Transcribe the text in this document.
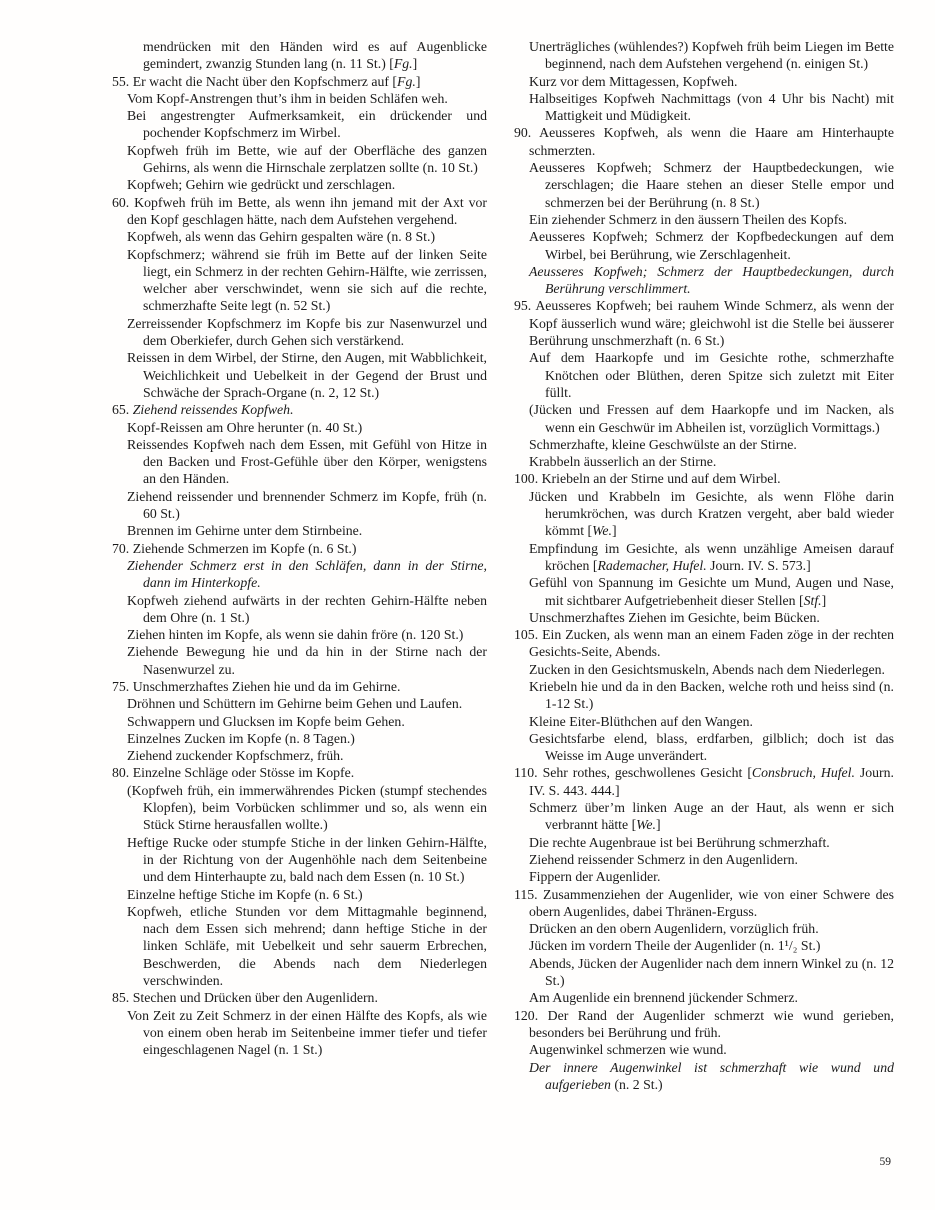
mendrücken mit den Händen wird es auf Augenblicke gemindert, zwanzig Stunden lang (n. 11 St.) [Fg.]

55. Er wacht die Nacht über den Kopfschmerz auf [Fg.]

Vom Kopf-Anstrengen thut’s ihm in beiden Schläfen weh.

Bei angestrengter Aufmerksamkeit, ein drückender und pochender Kopfschmerz im Wirbel.

Kopfweh früh im Bette, wie auf der Oberfläche des ganzen Gehirns, als wenn die Hirnschale zerplatzen sollte (n. 10 St.)

Kopfweh; Gehirn wie gedrückt und zerschlagen.

60. Kopfweh früh im Bette, als wenn ihn jemand mit der Axt vor den Kopf geschlagen hätte, nach dem Aufstehen vergehend.

Kopfweh, als wenn das Gehirn gespalten wäre (n. 8 St.)

Kopfschmerz; während sie früh im Bette auf der linken Seite liegt, ein Schmerz in der rechten Gehirn-Hälfte, wie zerrissen, welcher aber verschwindet, wenn sie sich auf die rechte, schmerzhafte Seite legt (n. 52 St.)

Zerreissender Kopfschmerz im Kopfe bis zur Nasenwurzel und dem Oberkiefer, durch Gehen sich verstärkend.

Reissen in dem Wirbel, der Stirne, den Augen, mit Wabblichkeit, Weichlichkeit und Uebelkeit in der Gegend der Brust und Schwäche der Sprach-Organe (n. 2, 12 St.)

65. Ziehend reissendes Kopfweh.

Kopf-Reissen am Ohre herunter (n. 40 St.)

Reissendes Kopfweh nach dem Essen, mit Gefühl von Hitze in den Backen und Frost-Gefühle über den Körper, wenigstens an den Händen.

Ziehend reissender und brennender Schmerz im Kopfe, früh (n. 60 St.)

Brennen im Gehirne unter dem Stirnbeine.

70. Ziehende Schmerzen im Kopfe (n. 6 St.)

Ziehender Schmerz erst in den Schläfen, dann in der Stirne, dann im Hinterkopfe.

Kopfweh ziehend aufwärts in der rechten Gehirn-Hälfte neben dem Ohre (n. 1 St.)

Ziehen hinten im Kopfe, als wenn sie dahin fröre (n. 120 St.)

Ziehende Bewegung hie und da hin in der Stirne nach der Nasenwurzel zu.

75. Unschmerzhaftes Ziehen hie und da im Gehirne.

Dröhnen und Schüttern im Gehirne beim Gehen und Laufen.

Schwappern und Glucksen im Kopfe beim Gehen.

Einzelnes Zucken im Kopfe (n. 8 Tagen.)

Ziehend zuckender Kopfschmerz, früh.

80. Einzelne Schläge oder Stösse im Kopfe.

(Kopfweh früh, ein immerwährendes Picken (stumpf stechendes Klopfen), beim Vorbücken schlimmer und so, als wenn ein Stück Stirne herausfallen wollte.)

Heftige Rucke oder stumpfe Stiche in der linken Gehirn-Hälfte, in der Richtung von der Augenhöhle nach dem Seitenbeine und dem Hinterhaupte zu, bald nach dem Essen (n. 10 St.)

Einzelne heftige Stiche im Kopfe (n. 6 St.)

Kopfweh, etliche Stunden vor dem Mittagmahle beginnend, nach dem Essen sich mehrend; dann heftige Stiche in der linken Schläfe, mit Uebelkeit und sehr sauerm Erbrechen, Beschwerden, die Abends nach dem Niederlegen verschwinden.

85. Stechen und Drücken über den Augenlidern.

Von Zeit zu Zeit Schmerz in der einen Hälfte des Kopfs, als wie von einem oben herab im Seitenbeine immer tiefer und tiefer eingeschlagenen Nagel (n. 1 St.)

Unerträgliches (wühlendes?) Kopfweh früh beim Liegen im Bette beginnend, nach dem Aufstehen vergehend (n. einigen St.)

Kurz vor dem Mittagessen, Kopfweh.

Halbseitiges Kopfweh Nachmittags (von 4 Uhr bis Nacht) mit Mattigkeit und Müdigkeit.

90. Aeusseres Kopfweh, als wenn die Haare am Hinterhaupte schmerzten.

Aeusseres Kopfweh; Schmerz der Hauptbedeckungen, wie zerschlagen; die Haare stehen an dieser Stelle empor und schmerzen bei der Berührung (n. 8 St.)

Ein ziehender Schmerz in den äussern Theilen des Kopfs.

Aeusseres Kopfweh; Schmerz der Kopfbedeckungen auf dem Wirbel, bei Berührung, wie Zerschlagenheit.

Aeusseres Kopfweh; Schmerz der Hauptbedeckungen, durch Berührung verschlimmert.

95. Aeusseres Kopfweh; bei rauhem Winde Schmerz, als wenn der Kopf äusserlich wund wäre; gleichwohl ist die Stelle bei äusserer Berührung unschmerzhaft (n. 6 St.)

Auf dem Haarkopfe und im Gesichte rothe, schmerzhafte Knötchen oder Blüthen, deren Spitze sich zuletzt mit Eiter füllt.

(Jücken und Fressen auf dem Haarkopfe und im Nacken, als wenn ein Geschwür im Abheilen ist, vorzüglich Vormittags.)

Schmerzhafte, kleine Geschwülste an der Stirne.

Krabbeln äusserlich an der Stirne.

100. Kriebeln an der Stirne und auf dem Wirbel.

Jücken und Krabbeln im Gesichte, als wenn Flöhe darin herumkröchen, was durch Kratzen vergeht, aber bald wieder kömmt [We.]

Empfindung im Gesichte, als wenn unzählige Ameisen darauf kröchen [Rademacher, Hufel. Journ. IV. S. 573.]

Gefühl von Spannung im Gesichte um Mund, Augen und Nase, mit sichtbarer Aufgetriebenheit dieser Stellen [Stf.]

Unschmerzhaftes Ziehen im Gesichte, beim Bücken.

105. Ein Zucken, als wenn man an einem Faden zöge in der rechten Gesichts-Seite, Abends.

Zucken in den Gesichtsmuskeln, Abends nach dem Niederlegen.

Kriebeln hie und da in den Backen, welche roth und heiss sind (n. 1-12 St.)

Kleine Eiter-Blüthchen auf den Wangen.

Gesichtsfarbe elend, blass, erdfarben, gilblich; doch ist das Weisse im Auge unverändert.

110. Sehr rothes, geschwollenes Gesicht [Consbruch, Hufel. Journ. IV. S. 443. 444.]

Schmerz über’m linken Auge an der Haut, als wenn er sich verbrannt hätte [We.]

Die rechte Augenbraue ist bei Berührung schmerzhaft.

Ziehend reissender Schmerz in den Augenlidern.

Fippern der Augenlider.

115. Zusammenziehen der Augenlider, wie von einer Schwere des obern Augenlides, dabei Thränen-Erguss.

Drücken an den obern Augenlidern, vorzüglich früh.

Jücken im vordern Theile der Augenlider (n. 1¹/₂ St.)

Abends, Jücken der Augenlider nach dem innern Winkel zu (n. 12 St.)

Am Augenlide ein brennend jückender Schmerz.

120. Der Rand der Augenlider schmerzt wie wund gerieben, besonders bei Berührung und früh.

Augenwinkel schmerzen wie wund.

Der innere Augenwinkel ist schmerzhaft wie wund und aufgerieben (n. 2 St.)

59
